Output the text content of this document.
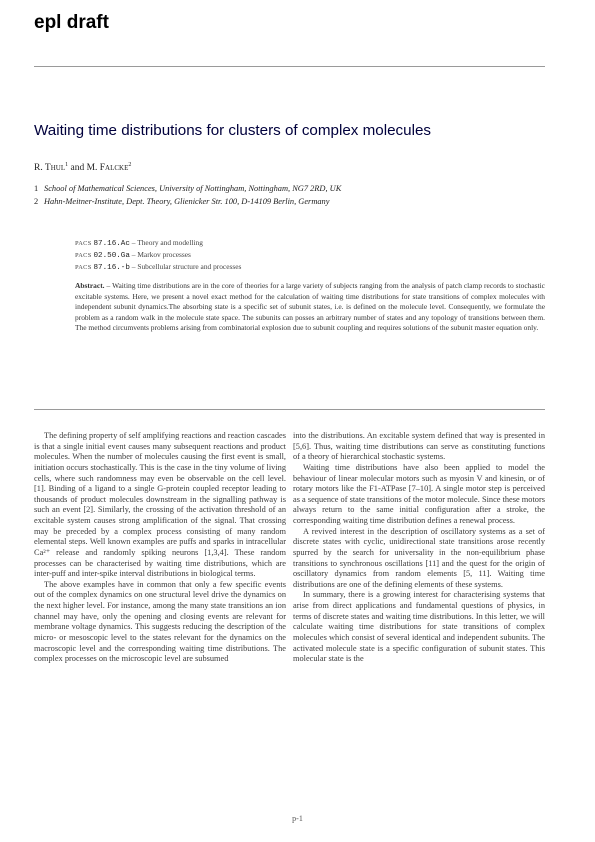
epl draft
Waiting time distributions for clusters of complex molecules
R. Thul$^1$ and M. Falcke$^2$
1 School of Mathematical Sciences, University of Nottingham, Nottingham, NG7 2RD, UK
2 Hahn-Meitner-Institute, Dept. Theory, Glienicker Str. 100, D-14109 Berlin, Germany
PACS 87.16.Ac – Theory and modelling
PACS 02.50.Ga – Markov processes
PACS 87.16.-b – Subcellular structure and processes
Abstract. – Waiting time distributions are in the core of theories for a large variety of subjects ranging from the analysis of patch clamp records to stochastic excitable systems. Here, we present a novel exact method for the calculation of waiting time distributions for state transitions of complex molecules with independent subunit dynamics.The absorbing state is a specific set of subunit states, i.e. is defined on the molecule level. Consequently, we formulate the problem as a random walk in the molecule state space. The subunits can posses an arbitrary number of states and any topology of transitions between them. The method circumvents problems arising from combinatorial explosion due to subunit coupling and requires solutions of the subunit master equation only.

The defining property of self amplifying reactions and reaction cascades is that a single initial event causes many subsequent reactions and product molecules. When the number of molecules causing the first event is small, initiation occurs stochastically. This is the case in the tiny volume of living cells, where such randomness may even be observable on the cell level. [1]. Binding of a ligand to a single G-protein coupled receptor leading to thousands of product molecules downstream in the signalling pathway is such an event [2]. Similarly, the crossing of the activation threshold of an excitable system causes strong amplification of the signal. That crossing may be preceded by a complex process consisting of many random elemental steps. Well known examples are puffs and sparks in intracellular Ca²⁺ release and randomly spiking neurons [1,3,4]. These random processes can be characterised by waiting time distributions, which are inter-puff and inter-spike interval distributions in biological terms.

The above examples have in common that only a few specific events out of the complex dynamics on one structural level drive the dynamics on the next higher level. For instance, among the many state transitions an ion channel may have, only the opening and closing events are relevant for membrane voltage dynamics. This suggests reducing the description of the micro- or mesoscopic level to the states relevant for the dynamics on the macroscopic level and the corresponding waiting time distributions. The complex processes on the microscopic level are subsumed

into the distributions. An excitable system defined that way is presented in [5,6]. Thus, waiting time distributions can serve as constituting functions of a theory of hierarchical stochastic systems.

Waiting time distributions have also been applied to model the behaviour of linear molecular motors such as myosin V and kinesin, or of rotary motors like the F1-ATPase [7–10]. A single motor step is perceived as a sequence of state transitions of the motor molecule. Since these motors always return to the same initial configuration after a stroke, the corresponding waiting time distribution defines a renewal process.

A revived interest in the description of oscillatory systems as a set of discrete states with cyclic, unidirectional state transitions arose recently spurred by the search for universality in the non-equilibrium phase transitions to synchronous oscillations [11] and the quest for the origin of oscillatory dynamics from random elements [5, 11]. Waiting time distributions are one of the defining elements of these systems.

In summary, there is a growing interest for characterising systems that arise from direct applications and fundamental questions of physics, in terms of discrete states and waiting time distributions. In this letter, we will calculate waiting time distributions for state transitions of complex molecules which consist of several identical and independent subunits. The activated molecule state is a specific configuration of subunit states. This molecular state is the

p-1
